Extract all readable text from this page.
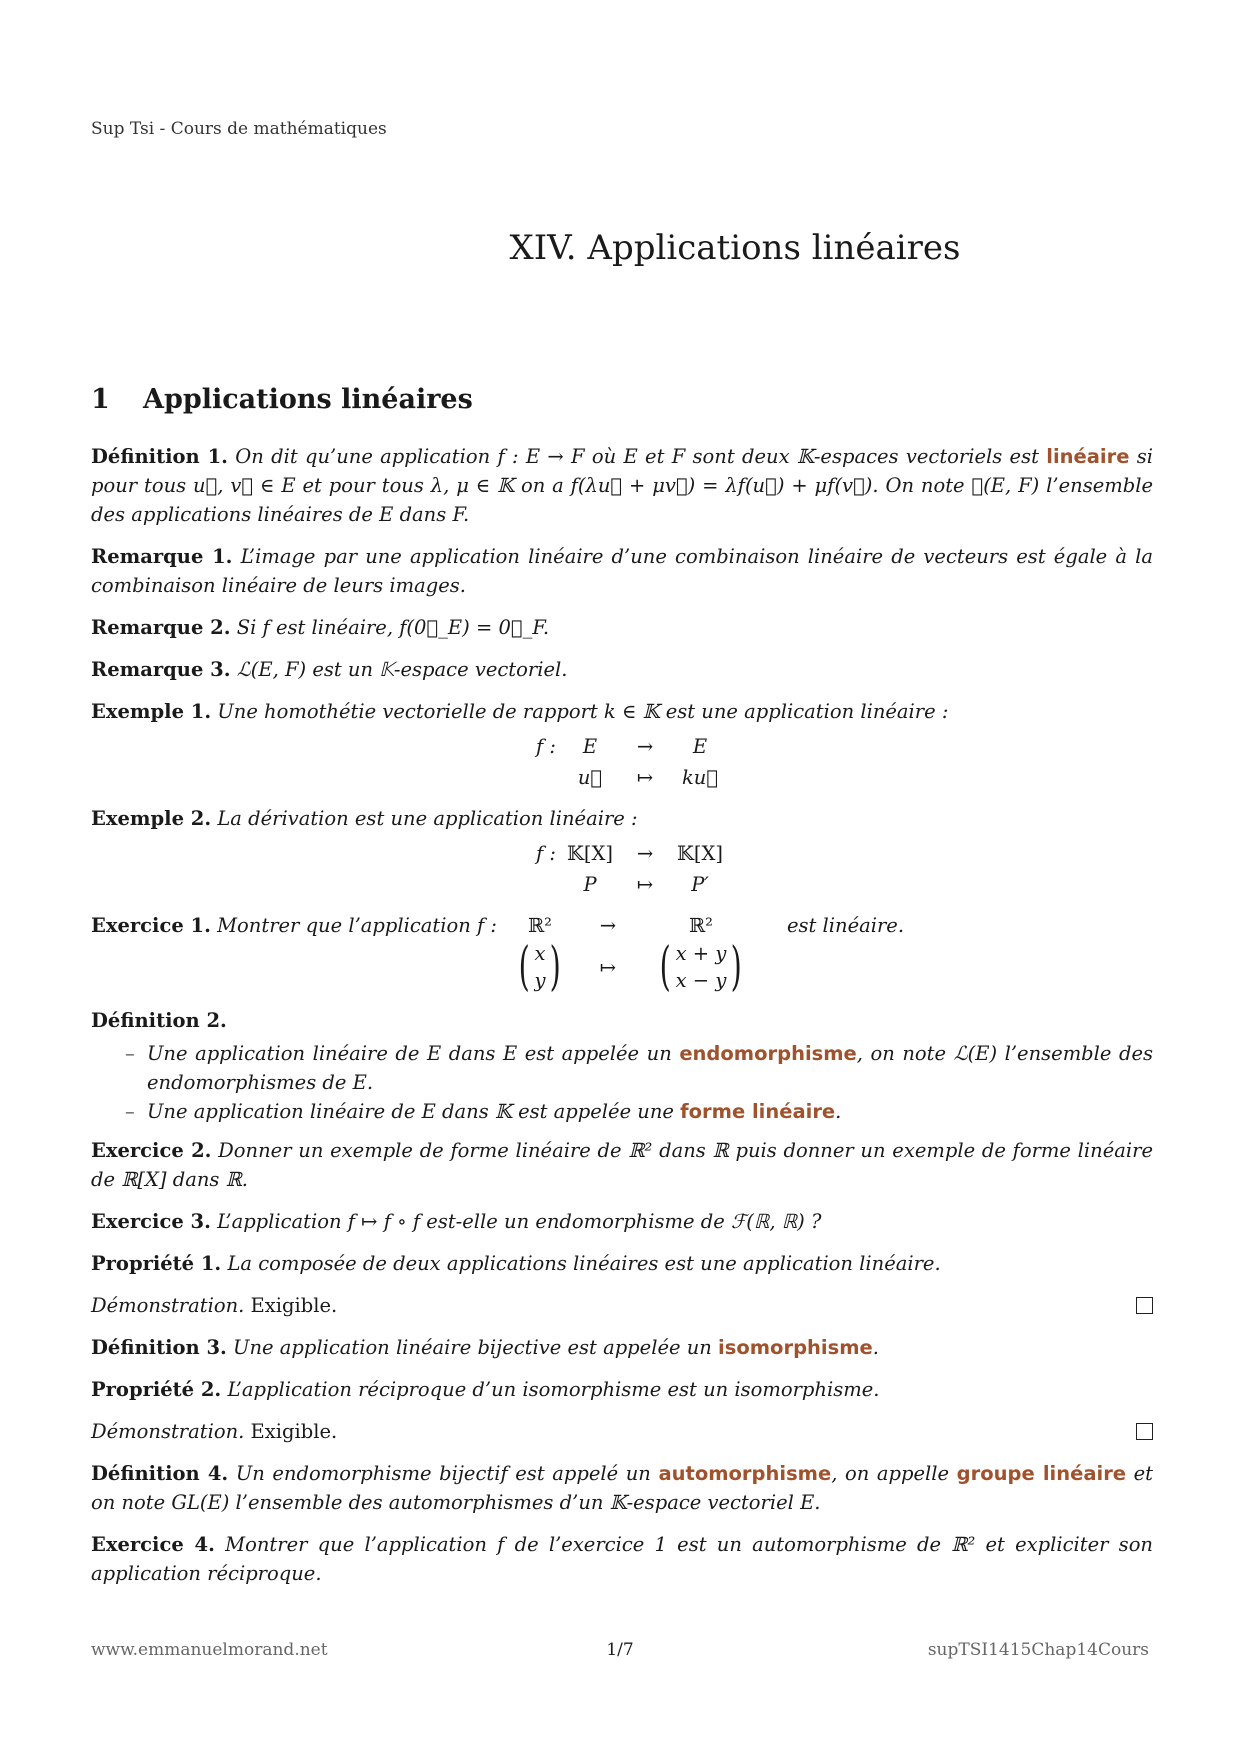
Sup Tsi - Cours de mathématiques
XIV. Applications linéaires
1 Applications linéaires

Définition 1. On dit qu’une application f : E → F où E et F sont deux 𝕂-espaces vectoriels est linéaire si pour tous u⃗, v⃗ ∈ E et pour tous λ, μ ∈ 𝕂 on a f(λu⃗ + μv⃗) = λf(u⃗) + μf(v⃗). On note ℒ(E, F) l’ensemble des applications linéaires de E dans F.

Remarque 1. L’image par une application linéaire d’une combinaison linéaire de vecteurs est égale à la combinaison linéaire de leurs images.

Remarque 2. Si f est linéaire, f(0⃗_E) = 0⃗_F.

Remarque 3. ℒ(E, F) est un 𝕂-espace vectoriel.

Exemple 1. Une homothétie vectorielle de rapport k ∈ 𝕂 est une application linéaire :

f :	E	→	E
u⃗	↦	ku⃗

Exemple 2. La dérivation est une application linéaire :

f : 𝕂[X]	→	𝕂[X]
P	↦	P′
Exercice 1. Montrer que l’application f :	ℝ²	→	ℝ²
( x
y )	↦ ( x + y
x − y )
est linéaire.

Définition 2.

– Une application linéaire de E dans E est appelée un endomorphisme, on note ℒ(E) l’ensemble des endomorphismes de E.
– Une application linéaire de E dans 𝕂 est appelée une forme linéaire.

Exercice 2. Donner un exemple de forme linéaire de ℝ² dans ℝ puis donner un exemple de forme linéaire de ℝ[X] dans ℝ.

Exercice 3. L’application f ↦ f ∘ f est-elle un endomorphisme de ℱ(ℝ, ℝ) ?

Propriété 1. La composée de deux applications linéaires est une application linéaire.

Démonstration. Exigible.

Définition 3. Une application linéaire bijective est appelée un isomorphisme.

Propriété 2. L’application réciproque d’un isomorphisme est un isomorphisme.

Démonstration. Exigible.

Définition 4. Un endomorphisme bijectif est appelé un automorphisme, on appelle groupe linéaire et on note GL(E) l’ensemble des automorphismes d’un 𝕂-espace vectoriel E.

Exercice 4. Montrer que l’application f de l’exercice 1 est un automorphisme de ℝ² et expliciter son application réciproque.

www.emmanuelmorand.net	1/7	supTSI1415Chap14Cours
